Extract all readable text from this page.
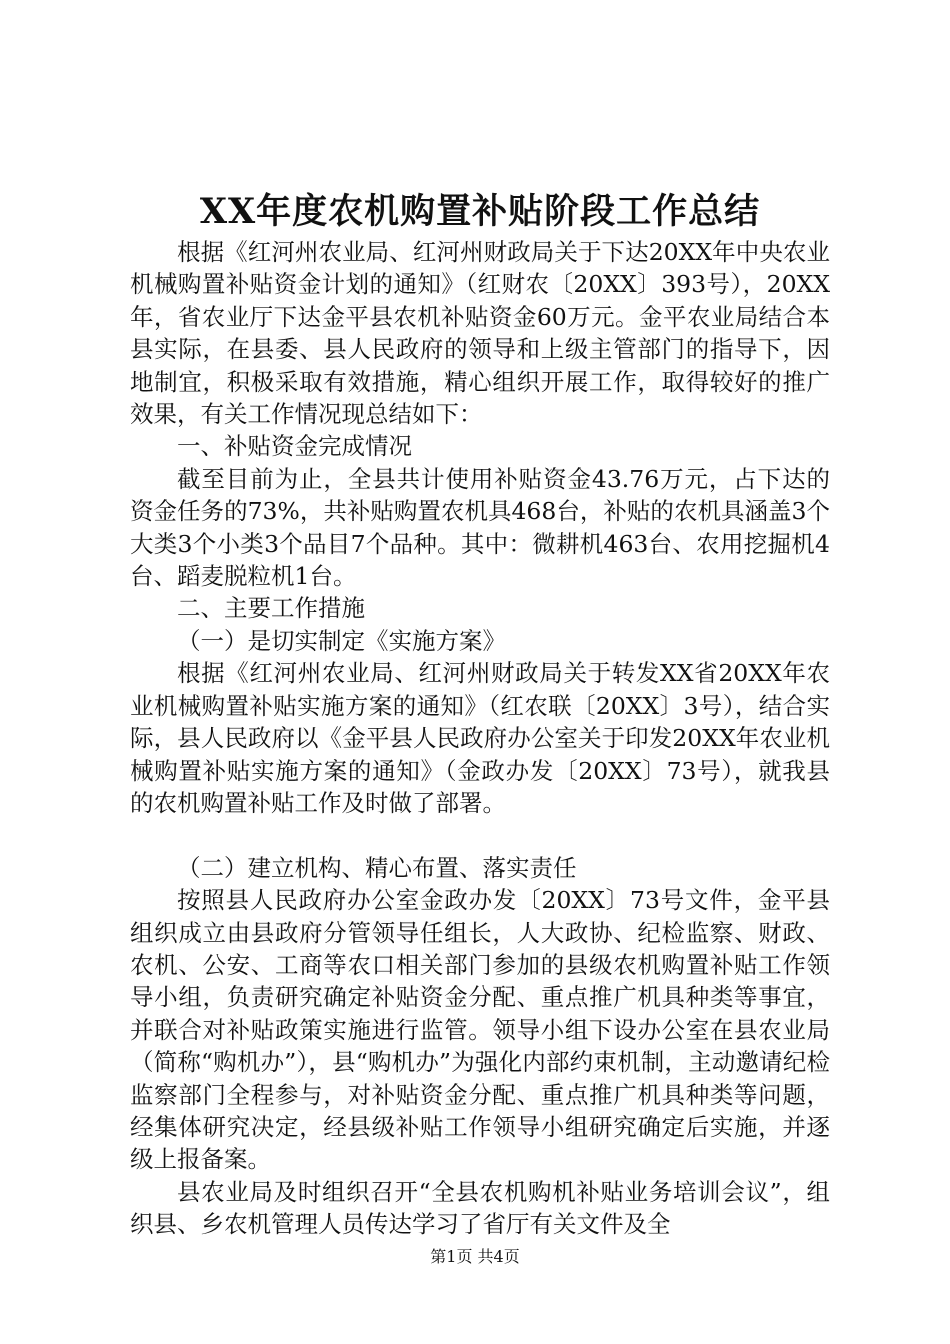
XX年度农机购置补贴阶段工作总结

根据《红河州农业局、红河州财政局关于下达20XX年中央农业机械购置补贴资金计划的通知》（红财农〔20XX〕393号），20XX年，省农业厅下达金平县农机补贴资金60万元。金平农业局结合本县实际，在县委、县人民政府的领导和上级主管部门的指导下，因地制宜，积极采取有效措施，精心组织开展工作，取得较好的推广效果，有关工作情况现总结如下：

一、补贴资金完成情况

截至目前为止，全县共计使用补贴资金43.76万元，占下达的资金任务的73%，共补贴购置农机具468台，补贴的农机具涵盖3个大类3个小类3个品目7个品种。其中：微耕机463台、农用挖掘机4台、蹈麦脱粒机1台。

二、主要工作措施

（一）是切实制定《实施方案》

根据《红河州农业局、红河州财政局关于转发XX省20XX年农业机械购置补贴实施方案的通知》（红农联〔20XX〕3号），结合实际，县人民政府以《金平县人民政府办公室关于印发20XX年农业机械购置补贴实施方案的通知》（金政办发〔20XX〕73号），就我县的农机购置补贴工作及时做了部署。

（二）建立机构、精心布置、落实责任

按照县人民政府办公室金政办发〔20XX〕73号文件，金平县组织成立由县政府分管领导任组长，人大政协、纪检监察、财政、农机、公安、工商等农口相关部门参加的县级农机购置补贴工作领导小组，负责研究确定补贴资金分配、重点推广机具种类等事宜，并联合对补贴政策实施进行监管。领导小组下设办公室在县农业局（简称“购机办”），县“购机办”为强化内部约束机制，主动邀请纪检监察部门全程参与，对补贴资金分配、重点推广机具种类等问题，经集体研究决定，经县级补贴工作领导小组研究确定后实施，并逐级上报备案。

县农业局及时组织召开“全县农机购机补贴业务培训会议”，组织县、乡农机管理人员传达学习了省厅有关文件及全

第1页 共4页
